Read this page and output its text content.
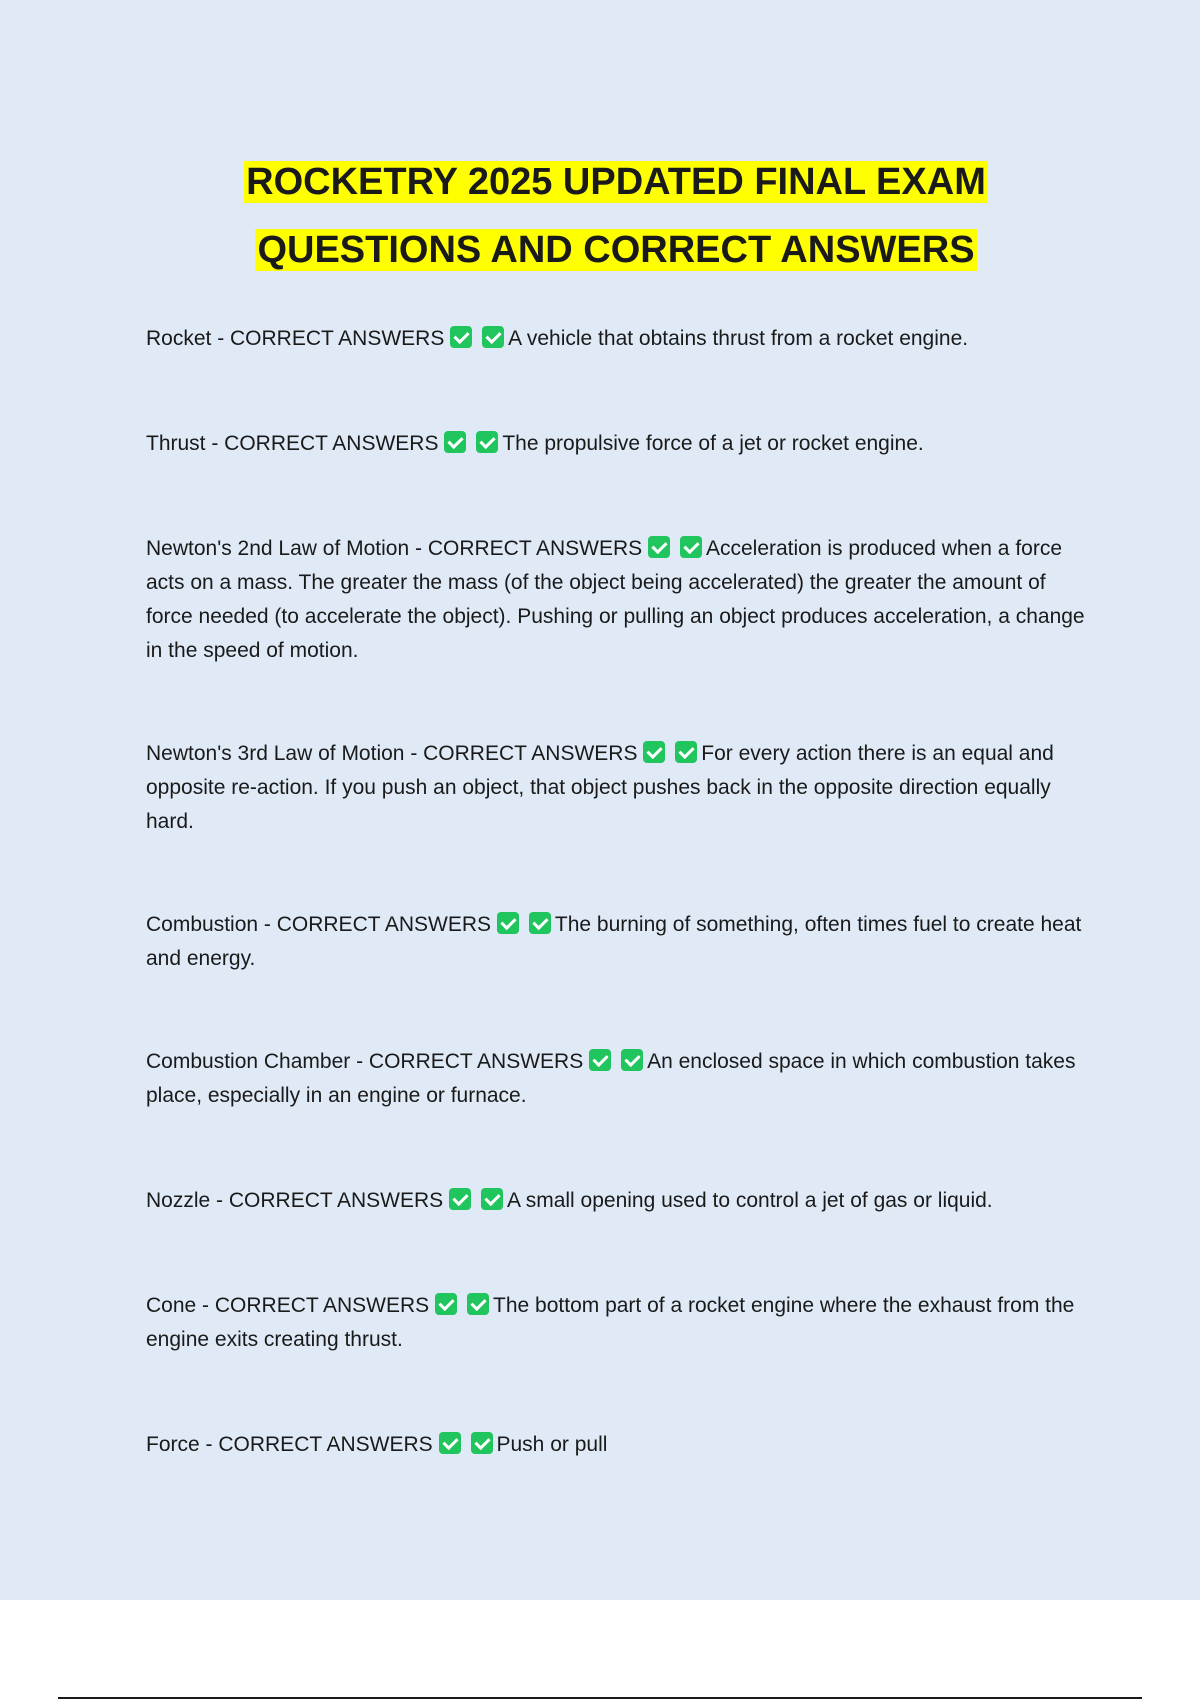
ROCKETRY 2025 UPDATED FINAL EXAM
QUESTIONS AND CORRECT ANSWERS

Rocket - CORRECT ANSWERS	A vehicle that obtains thrust from a rocket engine.

Thrust - CORRECT ANSWERS	The propulsive force of a jet or rocket engine.

Newton's 2nd Law of Motion - CORRECT ANSWERS	Acceleration is produced when a force acts on a mass. The greater the mass (of the object being accelerated) the greater the amount of force needed (to accelerate the object). Pushing or pulling an object produces acceleration, a change in the speed of motion.

Newton's 3rd Law of Motion - CORRECT ANSWERS	For every action there is an equal and opposite re-action. If you push an object, that object pushes back in the opposite direction equally hard.

Combustion - CORRECT ANSWERS	The burning of something, often times fuel to create heat and energy.

Combustion Chamber - CORRECT ANSWERS	An enclosed space in which combustion takes place, especially in an engine or furnace.

Nozzle - CORRECT ANSWERS	A small opening used to control a jet of gas or liquid.

Cone - CORRECT ANSWERS	The bottom part of a rocket engine where the exhaust from the engine exits creating thrust.

Force - CORRECT ANSWERS	Push or pull
